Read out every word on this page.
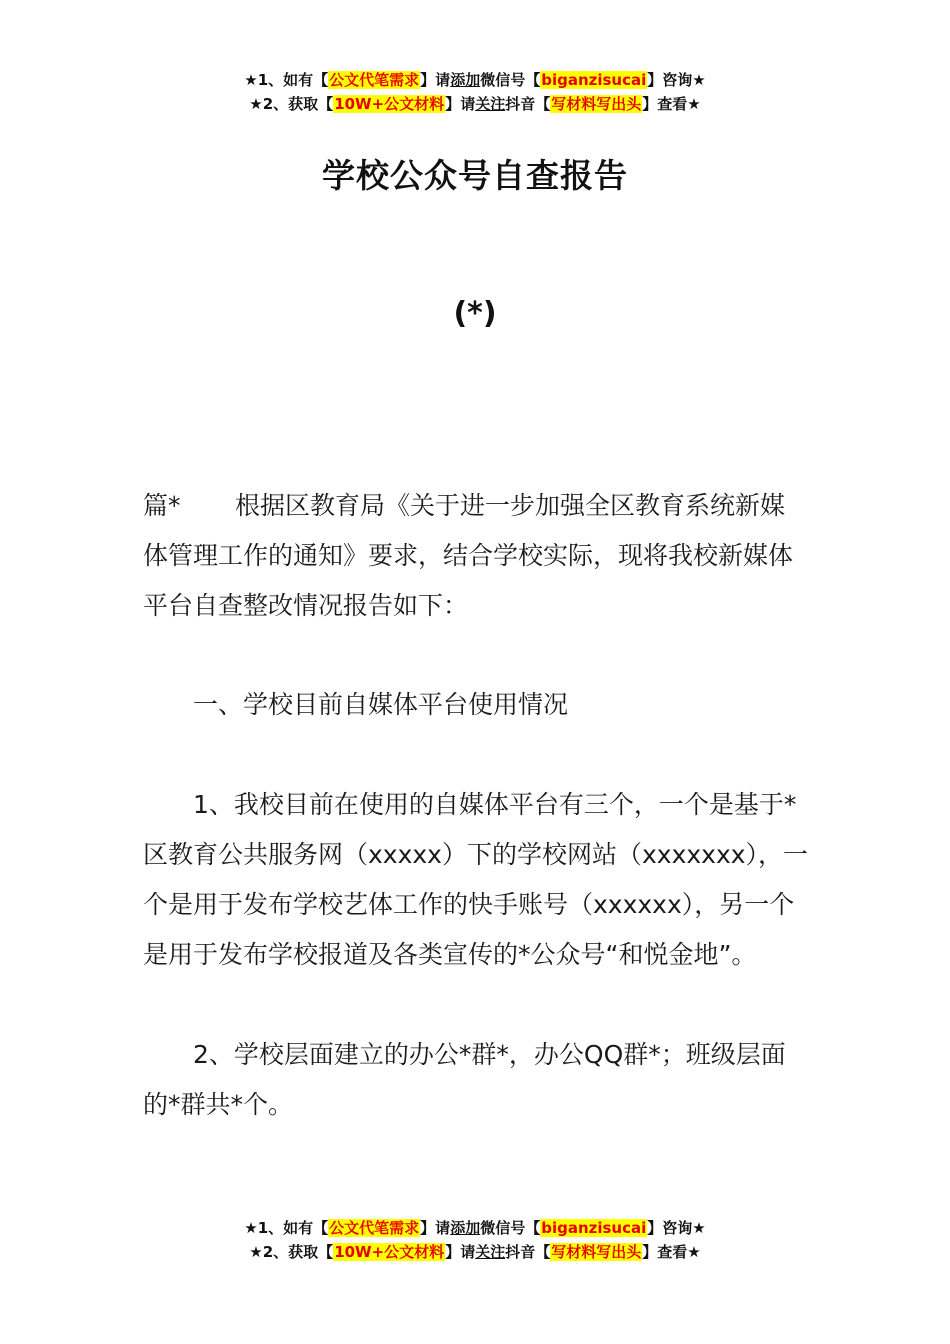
★1、如有【公文代笔需求】请添加微信号【biganzisucai】咨询★
★2、获取【10W+公文材料】请关注抖音【写材料写出头】查看★
学校公众号自查报告
(*)
篇* 根据区教育局《关于进一步加强全区教育系统新媒体管理工作的通知》要求，结合学校实际，现将我校新媒体平台自查整改情况报告如下：
一、学校目前自媒体平台使用情况
1、我校目前在使用的自媒体平台有三个，一个是基于*区教育公共服务网（xxxxx）下的学校网站（xxxxxxx），一个是用于发布学校艺体工作的快手账号（xxxxxx），另一个是用于发布学校报道及各类宣传的*公众号“和悦金地”。
2、学校层面建立的办公*群*，办公QQ群*；班级层面的*群共*个。
★1、如有【公文代笔需求】请添加微信号【biganzisucai】咨询★
★2、获取【10W+公文材料】请关注抖音【写材料写出头】查看★
